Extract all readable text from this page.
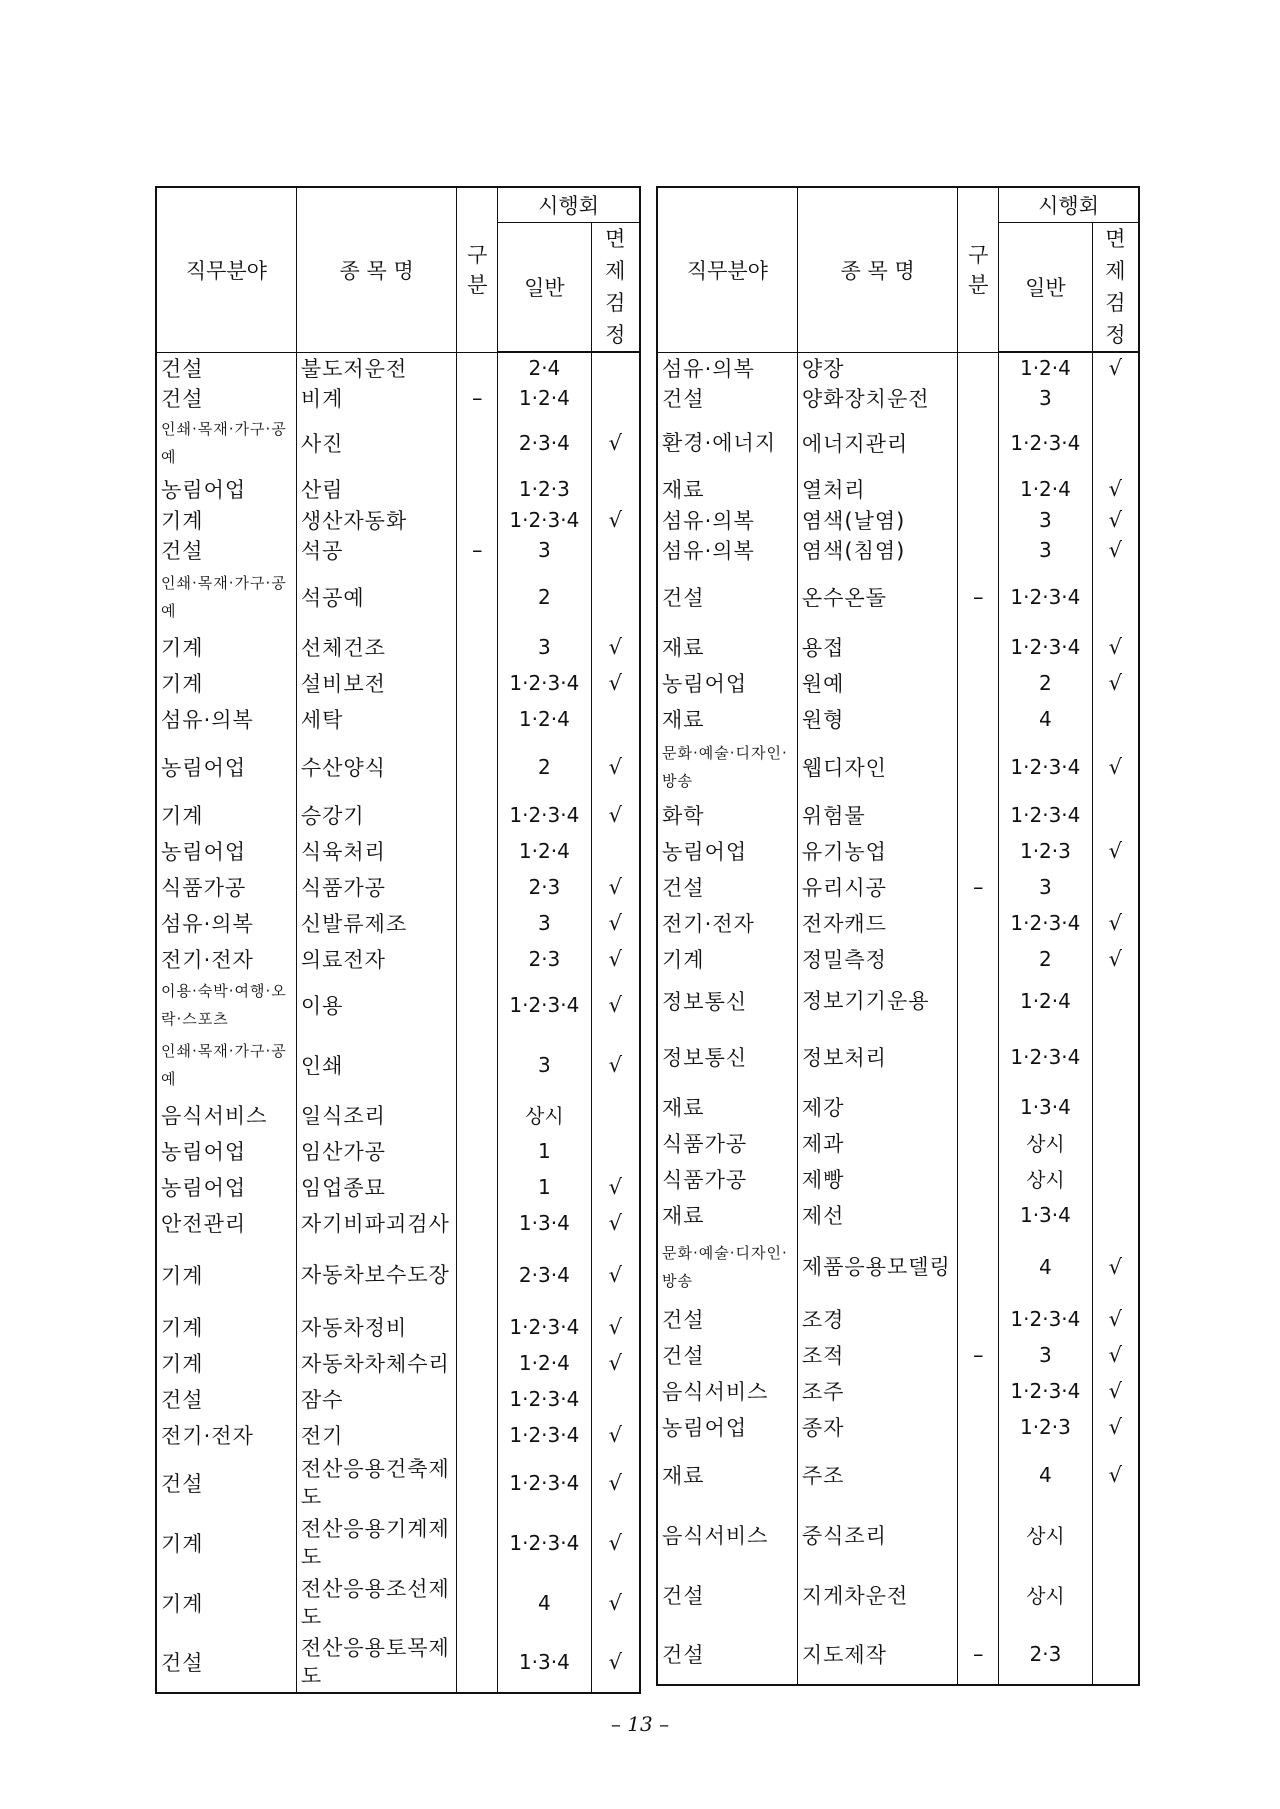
직무분야	종 목 명	구분	시행회	
			일반	면제검정
건설	불도저운전		2·4	
건설	비계	–	1·2·4	
인쇄·목재·가구·공예	사진		2·3·4	√
농림어업	산림		1·2·3	
기계	생산자동화		1·2·3·4	√
건설	석공	–	3	
인쇄·목재·가구·공예	석공예		2	
기계	선체건조		3	√
기계	설비보전		1·2·3·4	√
섬유·의복	세탁		1·2·4	
농림어업	수산양식		2	√
기계	승강기		1·2·3·4	√
농림어업	식육처리		1·2·4	
식품가공	식품가공		2·3	√
섬유·의복	신발류제조		3	√
전기·전자	의료전자		2·3	√
이용·숙박·여행·오락·스포츠	이용		1·2·3·4	√
인쇄·목재·가구·공예	인쇄		3	√
음식서비스	일식조리		상시	
농림어업	임산가공		1	
농림어업	임업종묘		1	√
안전관리	자기비파괴검사		1·3·4	√
기계	자동차보수도장		2·3·4	√
기계	자동차정비		1·2·3·4	√
기계	자동차차체수리		1·2·4	√
건설	잠수		1·2·3·4	
전기·전자	전기		1·2·3·4	√
건설	전산응용건축제도		1·2·3·4	√
기계	전산응용기계제도		1·2·3·4	√
기계	전산응용조선제도		4	√
건설	전산응용토목제도		1·3·4	√
직무분야	종 목 명	구분	시행회	
			일반	면제검정
섬유·의복	양장		1·2·4	√
건설	양화장치운전		3	
환경·에너지	에너지관리		1·2·3·4	
재료	열처리		1·2·4	√
섬유·의복	염색(날염)		3	√
섬유·의복	염색(침염)		3	√
건설	온수온돌	–	1·2·3·4	
재료	용접		1·2·3·4	√
농림어업	원예		2	√
재료	원형		4	
문화·예술·디자인·방송	웹디자인		1·2·3·4	√
화학	위험물		1·2·3·4	
농림어업	유기농업		1·2·3	√
건설	유리시공	–	3	
전기·전자	전자캐드		1·2·3·4	√
기계	정밀측정		2	√
정보통신	정보기기운용		1·2·4	
정보통신	정보처리		1·2·3·4	
재료	제강		1·3·4	
식품가공	제과		상시	
식품가공	제빵		상시	
재료	제선		1·3·4	
문화·예술·디자인·방송	제품응용모델링		4	√
건설	조경		1·2·3·4	√
건설	조적	–	3	√
음식서비스	조주		1·2·3·4	√
농림어업	종자		1·2·3	√
재료	주조		4	√
음식서비스	중식조리		상시	
건설	지게차운전		상시	
건설	지도제작	–	2·3	
– 13 –
